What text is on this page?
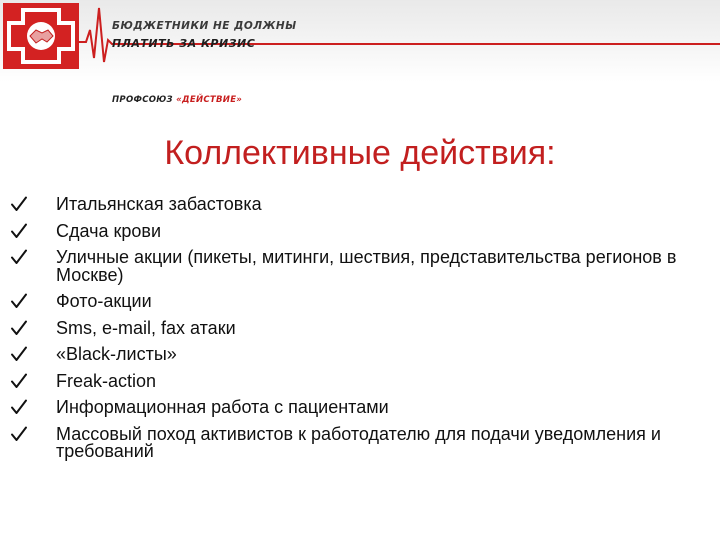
БЮДЖЕТНИКИ НЕ ДОЛЖНЫ
ПЛАТИТЬ ЗА КРИЗИС
ПРОФСОЮЗ «ДЕЙСТВИЕ»
Коллективные действия:
Итальянская забастовка
Сдача крови
Уличные акции (пикеты, митинги, шествия, представительства регионов в Москве)
Фото-акции
Sms, e-mail, fax атаки
«Black-листы»
Freak-action
Информационная работа с пациентами
Массовый поход активистов к работодателю для подачи уведомления и требований
